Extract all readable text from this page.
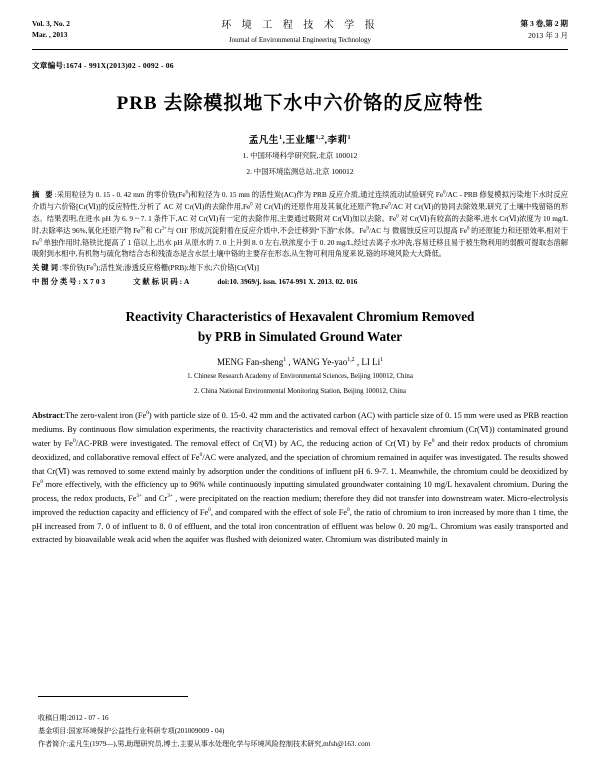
Vol. 3, No. 2
Mar. , 2013
环 境 工 程 技 术 学 报
Journal of Environmental Engineering Technology
第 3 卷,第 2 期
2013 年 3 月
文章编号:1674 - 991X(2013)02 - 0092 - 06
PRB 去除模拟地下水中六价铬的反应特性
孟凡生$^1$,王业耀$^{1,2}$,李莉$^1$
1. 中国环境科学研究院,北京 100012
2. 中国环境监测总站,北京 100012
摘 要:采用粒径为 0. 15 - 0. 42 mm 的零价铁(Fe$^0$)和粒径为 0. 15 mm 的活性炭(AC)作为 PRB 反应介质,通过连续流动试验研究 Fe$^0$/AC - PRB 修复模拟污染地下水时反应介质与六价铬[Cr(Ⅵ)]的反应特性,分析了 AC 对 Cr(Ⅵ)的去除作用,Fe$^0$ 对 Cr(Ⅵ)的还原作用及其氧化还原产物,Fe$^0$/AC 对 Cr(Ⅵ)的协同去除效果,研究了土壤中残留铬的形态。结果表明,在进水 pH 为 6. 9 ~ 7. 1 条件下,AC 对 Cr(Ⅵ)有一定的去除作用,主要通过吸附对 Cr(Ⅵ)加以去除。Fe$^0$ 对 Cr(Ⅵ)有较高的去除率,进水 Cr(Ⅵ)浓度为 10 mg/L 时,去除率达 96%,氧化还原产物 $Fe^{3+}$和 $Cr^{3+}$与 OH- 形成沉淀附着在反应介质中,不会迁移到“下游”水体。Fe$^0$/AC 与 微腐蚀反应可以提高 Fe$^0$ 的还原能力和还原效率,相对于 Fe$^0$ 单独作用时,铬铁比提高了 1 倍以上,出水 pH 从原水的 7. 0 上升到 8. 0 左右,铁浓度小于 0. 20 mg/L,经过去离子水冲洗,容易迁移且易于被生物利用的弱酸可提取态溶解吸附到水相中,有机物与硫化物结合态和残渣态是含水层土壤中铬的主要存在形态,从生物可利用角度来说,铬的环境风险大大降低。
关键词:零价铁(Fe$^0$);活性炭;渗透反应格栅(PRB);地下水;六价铬[Cr(Ⅵ)]
中图分类号:X703	文献标识码:A	doi:10. 3969/j. issn. 1674-991 X. 2013. 02. 016
Reactivity Characteristics of Hexavalent Chromium Removed
by PRB in Simulated Ground Water
MENG Fan-sheng$^1$ , WANG Ye-yao$^{1,2}$ , LI Li$^1$
1. Chinese Research Academy of Environmental Sciences, Beijing 100012, China
2. China National Environmental Monitoring Station, Beijing 100012, China
Abstract:The zero-valent iron (Fe$^0$) with particle size of 0. 15-0. 42 mm and the activated carbon (AC) with particle size of 0. 15 mm were used as PRB reaction mediums. By continuous flow simulation experiments, the reactivity characteristics and removal effect of hexavalent chromium (Cr(Ⅵ)) contaminated ground water by Fe$^0$/AC-PRB were investigated. The removal effect of Cr(Ⅵ) by AC, the reducing action of Cr(Ⅵ) by Fe$^0$ and their redox products of chromium deoxidized, and collaborative removal effect of Fe$^0$/AC were analyzed, and the speciation of chromium remained in aquifer was investigated. The results showed that Cr(Ⅵ) was removed to some extend mainly by adsorption under the conditions of influent pH 6. 9-7. 1. Meanwhile, the chromium could be deoxidized by Fe$^0$ more effectively, with the efficiency up to 96% while continuously inputting simulated groundwater containing 10 mg/L hexavalent chromium. During the process, the redox products, $Fe^{3+}$ and $Cr^{3+}$ , were precipitated on the reaction medium; therefore they did not transfer into downstream water. Micro-electrolysis improved the reduction capacity and efficiency of Fe$^0$, and compared with the effect of sole Fe$^0$, the ratio of chromium to iron increased by more than 1 time, the pH increased from 7. 0 of influent to 8. 0 of effluent, and the total iron concentration of effluent was below 0. 20 mg/L. Chromium was easily transported and extracted by bioavailable weak acid when the aquifer was flushed with deionized water. Chromium was distributed mainly in
收稿日期:2012 - 07 - 16
基金项目:国家环境保护公益性行业科研专项(201009009 - 04)
作者简介:孟凡生(1979—),男,助理研究员,博士,主要从事水处理化学与环境风险控制技术研究,mfsh@163. com
